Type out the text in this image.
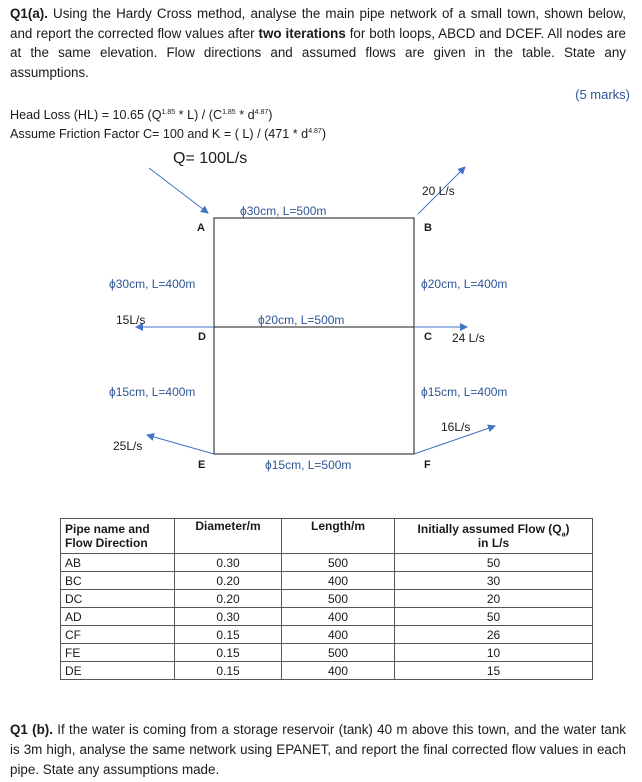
Q1(a). Using the Hardy Cross method, analyse the main pipe network of a small town, shown below, and report the corrected flow values after two iterations for both loops, ABCD and DCEF. All nodes are at the same elevation. Flow directions and assumed flows are given in the table. State any assumptions.
(5 marks)
Head Loss (HL) = 10.65 $(Q^{1.85} * L) / (C^{1.85} * d^{4.87})$
Assume Friction Factor C= 100 and K = ( $L) / (471 * d^{4.87})$
Q= 100L/s
A	B
C
D
E	F
ϕ30cm, L=500m
ϕ30cm, L=400m	ϕ20cm, L=400m
ϕ20cm, L=500m
ϕ15cm, L=400m	ϕ15cm, L=400m
ϕ15cm, L=500m
20 L/s
24 L/s
15L/s
25L/s
16L/s
Pipe name and
Flow Direction	Diameter/m	Length/m	Initially assumed Flow $(Q_a)$
in L/s
AB	0.30	500	50
BC	0.20	400	30
DC	0.20	500	20
AD	0.30	400	50
CF	0.15	400	26
FE	0.15	500	10
DE	0.15	400	15
Q1 (b). If the water is coming from a storage reservoir (tank) 40 m above this town, and the water tank is 3m high, analyse the same network using EPANET, and report the final corrected flow values in each pipe. State any assumptions made.
